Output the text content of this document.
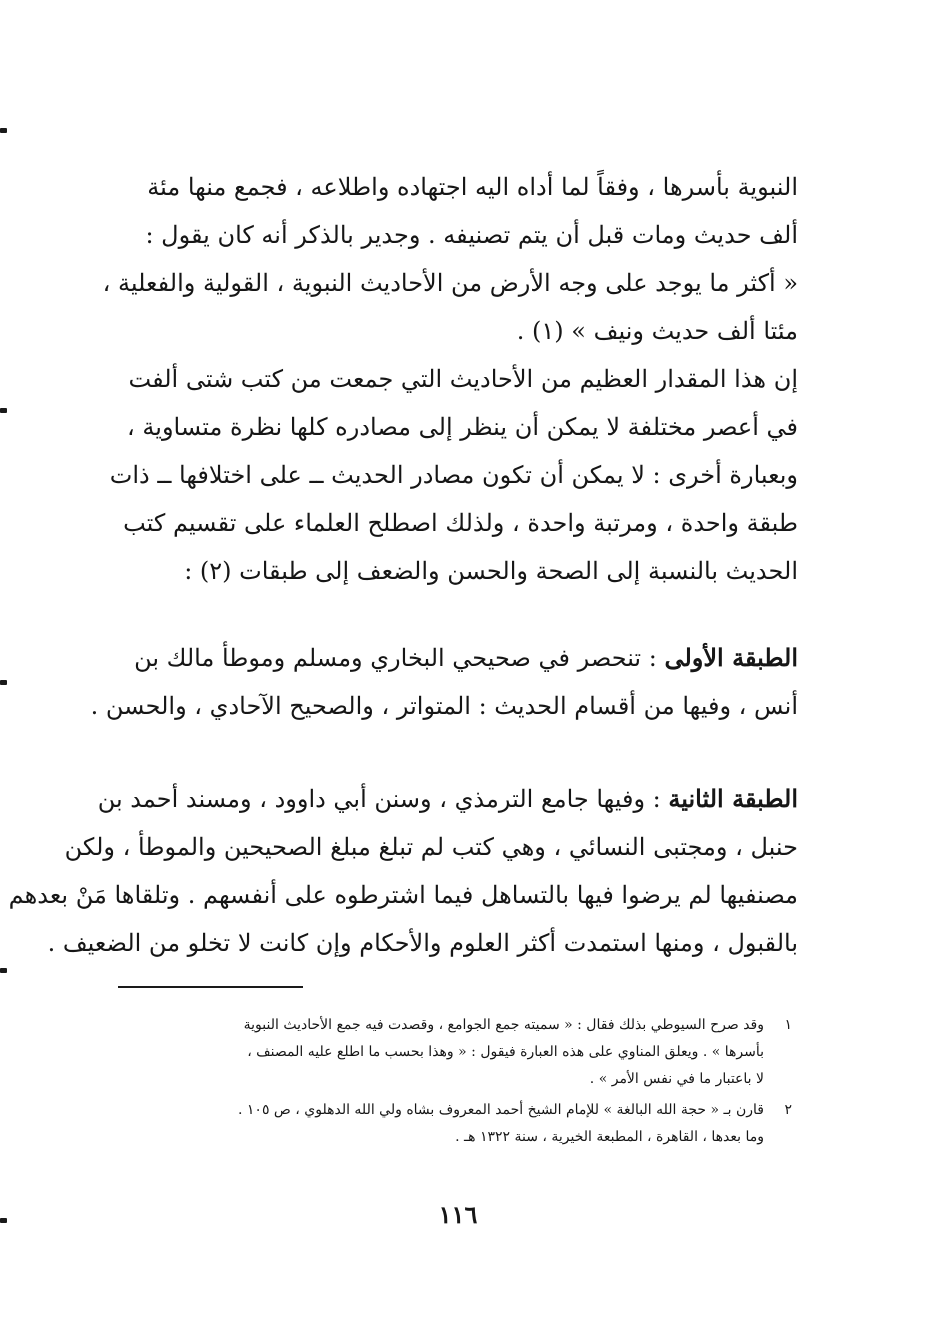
النبوية بأسرها ، وفقاً لما أداه اليه اجتهاده واطلاعه ، فجمع منها مئة
ألف حديث ومات قبل أن يتم تصنيفه . وجدير بالذكر أنه كان يقول :
« أكثر ما يوجد على وجه الأرض من الأحاديث النبوية ، القولية والفعلية ،
مئتا ألف حديث ونيف » (١) .
إن هذا المقدار العظيم من الأحاديث التي جمعت من كتب شتى ألفت
في أعصر مختلفة لا يمكن أن ينظر إلى مصادره كلها نظرة متساوية ،
وبعبارة أخرى : لا يمكن أن تكون مصادر الحديث ــ على اختلافها ــ ذات
طبقة واحدة ، ومرتبة واحدة ، ولذلك اصطلح العلماء على تقسيم كتب
الحديث بالنسبة إلى الصحة والحسن والضعف إلى طبقات (٢) :
الطبقة الأولى : تنحصر في صحيحي البخاري ومسلم وموطأ مالك بن
أنس ، وفيها من أقسام الحديث : المتواتر ، والصحيح الآحادي ، والحسن .
الطبقة الثانية : وفيها جامع الترمذي ، وسنن أبي داوود ، ومسند أحمد بن
حنبل ، ومجتبى النسائي ، وهي كتب لم تبلغ مبلغ الصحيحين والموطأ ، ولكن
مصنفيها لم يرضوا فيها بالتساهل فيما اشترطوه على أنفسهم . وتلقاها مَنْ بعدهم
بالقبول ، ومنها استمدت أكثر العلوم والأحكام وإن كانت لا تخلو من الضعيف .
١
وقد صرح السيوطي بذلك فقال : « سميته جمع الجوامع ، وقصدت فيه جمع الأحاديث النبوية
بأسرها » . ويعلق المناوي على هذه العبارة فيقول : « وهذا بحسب ما اطلع عليه المصنف ،
لا باعتبار ما في نفس الأمر » .
٢
قارن بـ « حجة الله البالغة » للإمام الشيخ أحمد المعروف بشاه ولي الله الدهلوي ، ص ١٠٥ .
وما بعدها ، القاهرة ، المطبعة الخيرية ، سنة ١٣٢٢ هـ .
١١٦
